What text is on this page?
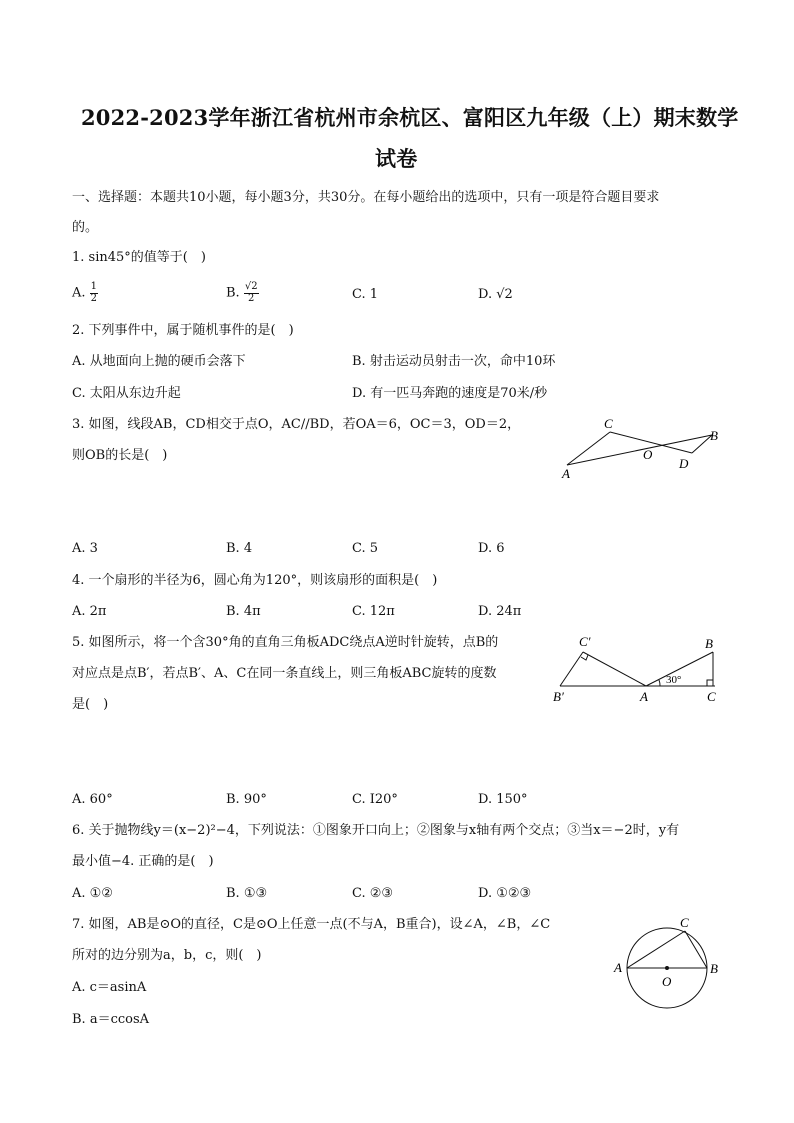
2022-2023学年浙江省杭州市余杭区、富阳区九年级（上）期末数学
试卷
一、选择题：本题共10小题，每小题3分，共30分。在每小题给出的选项中，只有一项是符合题目要求
的。
1. sin45°的值等于(　)
A. $\frac{1}{2}$	B. $\frac{√2}{2}$	C. 1	D. √2
2. 下列事件中，属于随机事件的是(　)
A. 从地面向上抛的硬币会落下	B. 射击运动员射击一次，命中10环
C. 太阳从东边升起	D. 有一匹马奔跑的速度是70米/秒
3. 如图，线段AB，CD相交于点O，AC//BD，若OA＝6，OC＝3，OD＝2，
则OB的长是(　)
A
C
O
D
B
A. 3	B. 4	C. 5	D. 6
4. 一个扇形的半径为6，圆心角为120°，则该扇形的面积是(　)
A. 2π	B. 4π	C. 12π	D. 24π
5. 如图所示，将一个含30°角的直角三角板ADC绕点A逆时针旋转，点B的
对应点是点B′，若点B′、A、C在同一条直线上，则三角板ABC旋转的度数
是(　)
C′
B′	A
B
C
30°
A. 60°	B. 90°	C. I20°	D. 150°
6. 关于抛物线y＝(x−2)²−4，下列说法：①图象开口向上；②图象与x轴有两个交点；③当x＝−2时，y有
最小值−4. 正确的是(　)
A. ①②	B. ①③	C. ②③	D. ①②③
7. 如图，AB是⊙O的直径，C是⊙O上任意一点(不与A，B重合)，设∠A，∠B，∠C
所对的边分别为a，b，c，则(　)
A. c＝asinA
B. a＝ccosA
A	B
C
O
